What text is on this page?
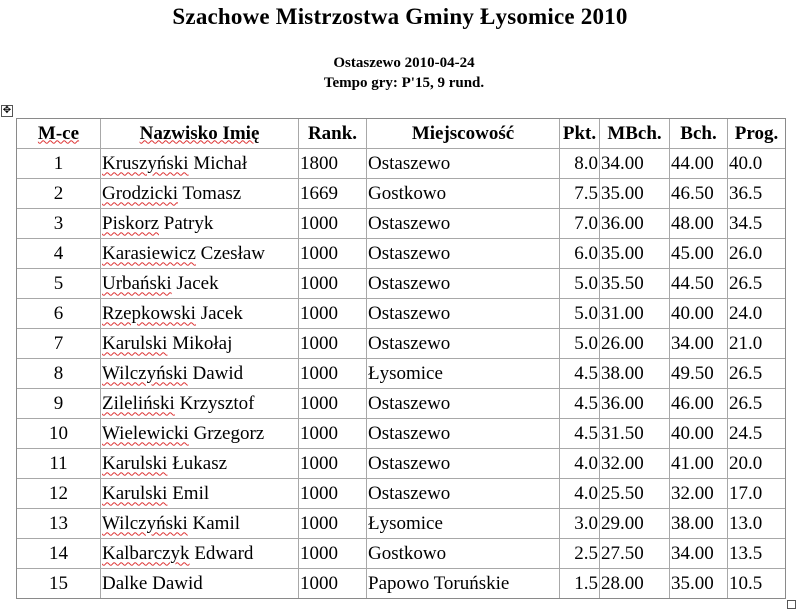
Szachowe Mistrzostwa Gminy Łysomice 2010
Ostaszewo 2010-04-24
Tempo gry: P'15, 9 rund.
✥
M-ce	Nazwisko Imię	Rank.	Miejscowość	Pkt.	MBch.	Bch.	Prog.
1	Kruszyński Michał	1800	Ostaszewo	8.0	34.00	44.00	40.0
2	Grodzicki Tomasz	1669	Gostkowo	7.5	35.00	46.50	36.5
3	Piskorz Patryk	1000	Ostaszewo	7.0	36.00	48.00	34.5
4	Karasiewicz Czesław	1000	Ostaszewo	6.0	35.00	45.00	26.0
5	Urbański Jacek	1000	Ostaszewo	5.0	35.50	44.50	26.5
6	Rzepkowski Jacek	1000	Ostaszewo	5.0	31.00	40.00	24.0
7	Karulski Mikołaj	1000	Ostaszewo	5.0	26.00	34.00	21.0
8	Wilczyński Dawid	1000	Łysomice	4.5	38.00	49.50	26.5
9	Zileliński Krzysztof	1000	Ostaszewo	4.5	36.00	46.00	26.5
10	Wielewicki Grzegorz	1000	Ostaszewo	4.5	31.50	40.00	24.5
11	Karulski Łukasz	1000	Ostaszewo	4.0	32.00	41.00	20.0
12	Karulski Emil	1000	Ostaszewo	4.0	25.50	32.00	17.0
13	Wilczyński Kamil	1000	Łysomice	3.0	29.00	38.00	13.0
14	Kalbarczyk Edward	1000	Gostkowo	2.5	27.50	34.00	13.5
15	Dalke Dawid	1000	Papowo Toruńskie	1.5	28.00	35.00	10.5
